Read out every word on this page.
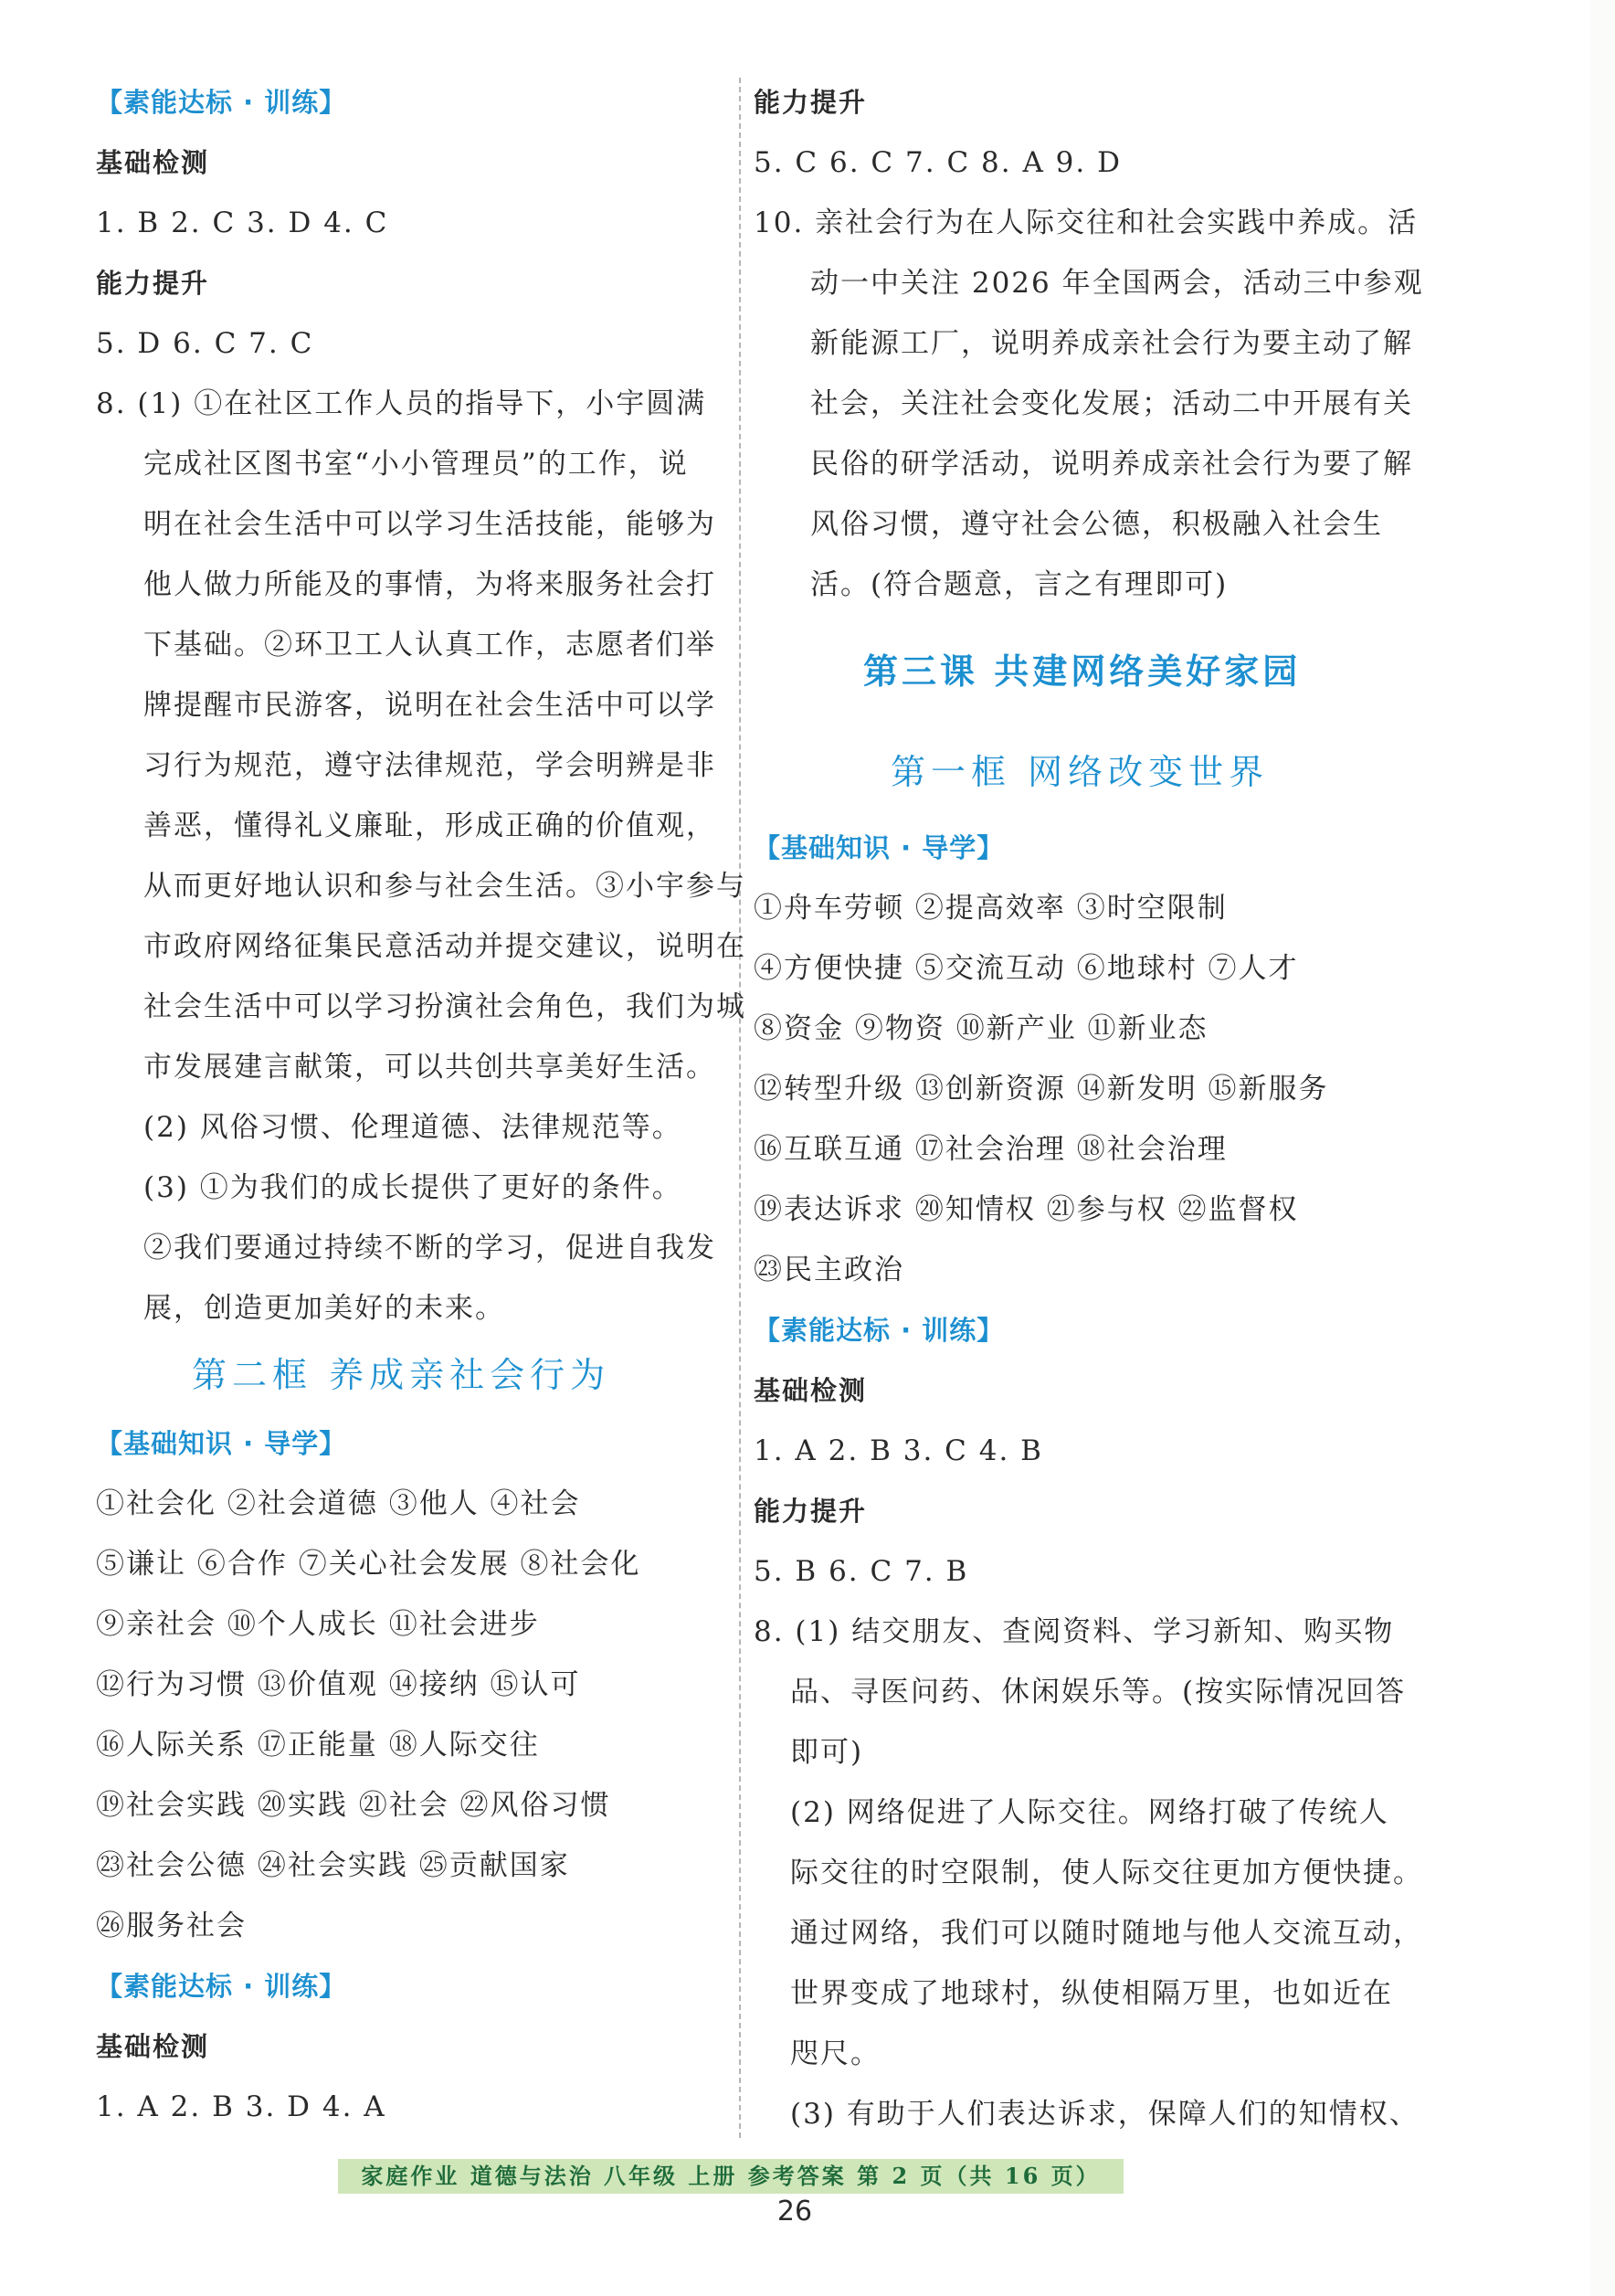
【素能达标 · 训练】
基础检测
1. B 2. C 3. D 4. C
能力提升
5. D 6. C 7. C
8. (1) ①在社区工作人员的指导下，小宇圆满
完成社区图书室“小小管理员”的工作，说
明在社会生活中可以学习生活技能，能够为
他人做力所能及的事情，为将来服务社会打
下基础。②环卫工人认真工作，志愿者们举
牌提醒市民游客，说明在社会生活中可以学
习行为规范，遵守法律规范，学会明辨是非
善恶，懂得礼义廉耻，形成正确的价值观，
从而更好地认识和参与社会生活。③小宇参与
市政府网络征集民意活动并提交建议，说明在
社会生活中可以学习扮演社会角色，我们为城
市发展建言献策，可以共创共享美好生活。
(2) 风俗习惯、伦理道德、法律规范等。
(3) ①为我们的成长提供了更好的条件。
②我们要通过持续不断的学习，促进自我发
展，创造更加美好的未来。
第二框 养成亲社会行为
【基础知识 · 导学】
①社会化 ②社会道德 ③他人 ④社会
⑤谦让 ⑥合作 ⑦关心社会发展 ⑧社会化
⑨亲社会 ⑩个人成长 ⑪社会进步
⑫行为习惯 ⑬价值观 ⑭接纳 ⑮认可
⑯人际关系 ⑰正能量 ⑱人际交往
⑲社会实践 ⑳实践 ㉑社会 ㉒风俗习惯
㉓社会公德 ㉔社会实践 ㉕贡献国家
㉖服务社会
【素能达标 · 训练】
基础检测
1. A 2. B 3. D 4. A
能力提升
5. C 6. C 7. C 8. A 9. D
10. 亲社会行为在人际交往和社会实践中养成。活
动一中关注 2026 年全国两会，活动三中参观
新能源工厂，说明养成亲社会行为要主动了解
社会，关注社会变化发展；活动二中开展有关
民俗的研学活动，说明养成亲社会行为要了解
风俗习惯，遵守社会公德，积极融入社会生
活。(符合题意，言之有理即可)
第三课 共建网络美好家园
第一框 网络改变世界
【基础知识 · 导学】
①舟车劳顿 ②提高效率 ③时空限制
④方便快捷 ⑤交流互动 ⑥地球村 ⑦人才
⑧资金 ⑨物资 ⑩新产业 ⑪新业态
⑫转型升级 ⑬创新资源 ⑭新发明 ⑮新服务
⑯互联互通 ⑰社会治理 ⑱社会治理
⑲表达诉求 ⑳知情权 ㉑参与权 ㉒监督权
㉓民主政治
【素能达标 · 训练】
基础检测
1. A 2. B 3. C 4. B
能力提升
5. B 6. C 7. B
8. (1) 结交朋友、查阅资料、学习新知、购买物
品、寻医问药、休闲娱乐等。(按实际情况回答
即可)
(2) 网络促进了人际交往。网络打破了传统人
际交往的时空限制，使人际交往更加方便快捷。
通过网络，我们可以随时随地与他人交流互动，
世界变成了地球村，纵使相隔万里，也如近在
咫尺。
(3) 有助于人们表达诉求，保障人们的知情权、
家庭作业 道德与法治 八年级 上册 参考答案 第 2 页（共 16 页）
26
